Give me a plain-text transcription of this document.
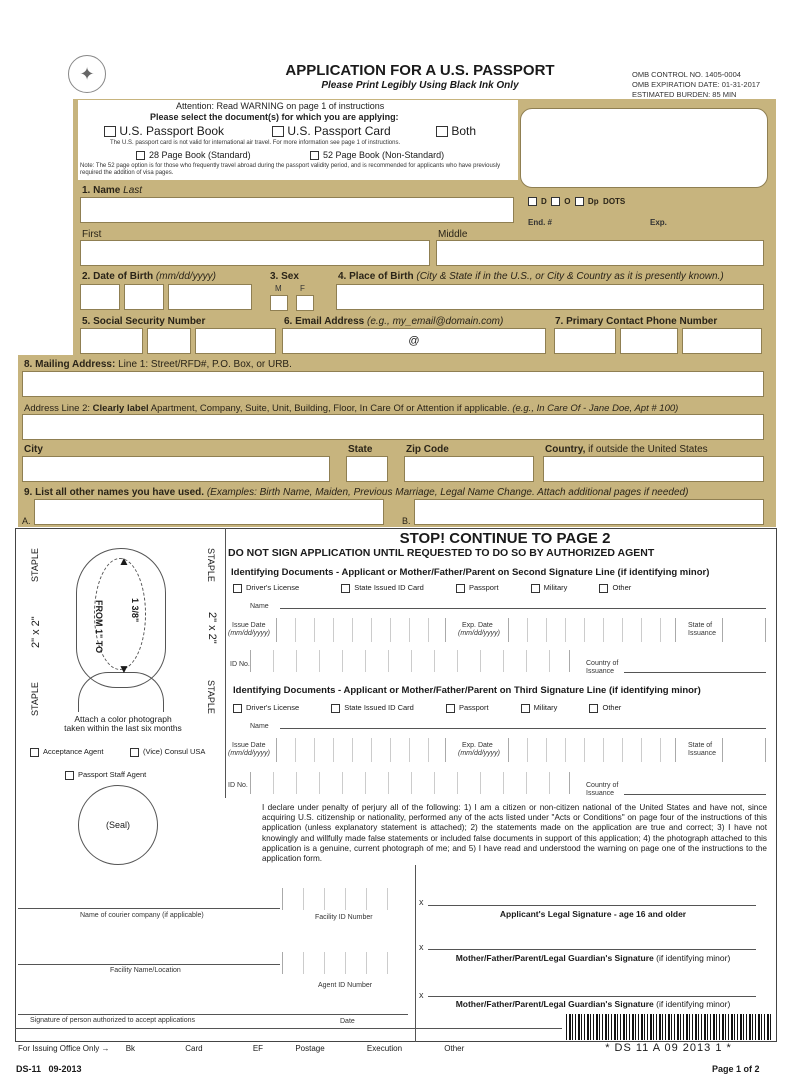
✦	APPLICATION FOR A U.S. PASSPORT
Please Print Legibly Using Black Ink Only
OMB CONTROL NO. 1405-0004
OMB EXPIRATION DATE: 01-31-2017
ESTIMATED BURDEN: 85 MIN
Attention: Read WARNING on page 1 of instructions
Please select the document(s) for which you are applying:
U.S. Passport Book	U.S. Passport Card	Both
The U.S. passport card is not valid for international air travel. For more information see page 1 of instructions.
28 Page Book (Standard)	52 Page Book (Non-Standard)
Note: The 52 page option is for those who frequently travel abroad during the passport validity period, and is recommended for applicants who have previously required the addition of visa pages.
D O Dp DOTS
End. #	Exp.
1. Name Last
First	Middle
2. Date of Birth (mm/dd/yyyy)	3. Sex
M F
4. Place of Birth (City & State if in the U.S., or City & Country as it is presently known.)
5. Social Security Number	6. Email Address (e.g., my_email@domain.com)
@
7. Primary Contact Phone Number
8. Mailing Address: Line 1: Street/RFD#, P.O. Box, or URB.
Address Line 2: Clearly label Apartment, Company, Suite, Unit, Building, Floor, In Care Of or Attention if applicable. (e.g., In Care Of - Jane Doe, Apt # 100)
City	State	Zip Code	Country, if outside the United States
9. List all other names you have used. (Examples: Birth Name, Maiden, Previous Marriage, Legal Name Change. Attach additional pages if needed)
A.	B.
▲
▼
FROM 1" TO	1 3/8"
STAPLE	STAPLE
2" x 2"	2" x 2"
STAPLE	STAPLE
Attach a color photograph
taken within the last six months
Acceptance Agent	(Vice) Consul USA
Passport Staff Agent
(Seal)
STOP! CONTINUE TO PAGE 2
DO NOT SIGN APPLICATION UNTIL REQUESTED TO DO SO BY AUTHORIZED AGENT
Identifying Documents - Applicant or Mother/Father/Parent on Second Signature Line (if identifying minor)
Driver's License	State Issued ID Card	Passport	Military	Other
Name
Issue Date
(mm/dd/yyyy)
Exp. Date
(mm/dd/yyyy)
State of
Issuance
ID No.	Country of
Issuance
Identifying Documents - Applicant or Mother/Father/Parent on Third Signature Line (if identifying minor)
Driver's License	State Issued ID Card	Passport	Military	Other
Name
Issue Date
(mm/dd/yyyy)
Exp. Date
(mm/dd/yyyy)
State of
Issuance
ID No.	Country of
Issuance
I declare under penalty of perjury all of the following: 1) I am a citizen or non-citizen national of the United States and have not, since acquiring U.S. citizenship or nationality, performed any of the acts listed under "Acts or Conditions" on page four of the instructions of this application (unless explanatory statement is attached); 2) the statements made on the application are true and correct; 3) I have not knowingly and willfully made false statements or included false documents in support of this application; 4) the photograph attached to this application is a genuine, current photograph of me; and 5) I have read and understood the warning on page one of the instructions to the application form.
x
Applicant's Legal Signature - age 16 and older
x
Mother/Father/Parent/Legal Guardian's Signature (if identifying minor)
x
Mother/Father/Parent/Legal Guardian's Signature (if identifying minor)
Name of courier company (if applicable)	Facility ID Number
Facility Name/Location
Agent ID Number
Signature of person authorized to accept applications	Date
For Issuing Office Only → Bk	Card	EF	Postage	Execution	Other	* DS 11 A 09 2013 1 *
DS-11 09-2013	Page 1 of 2
